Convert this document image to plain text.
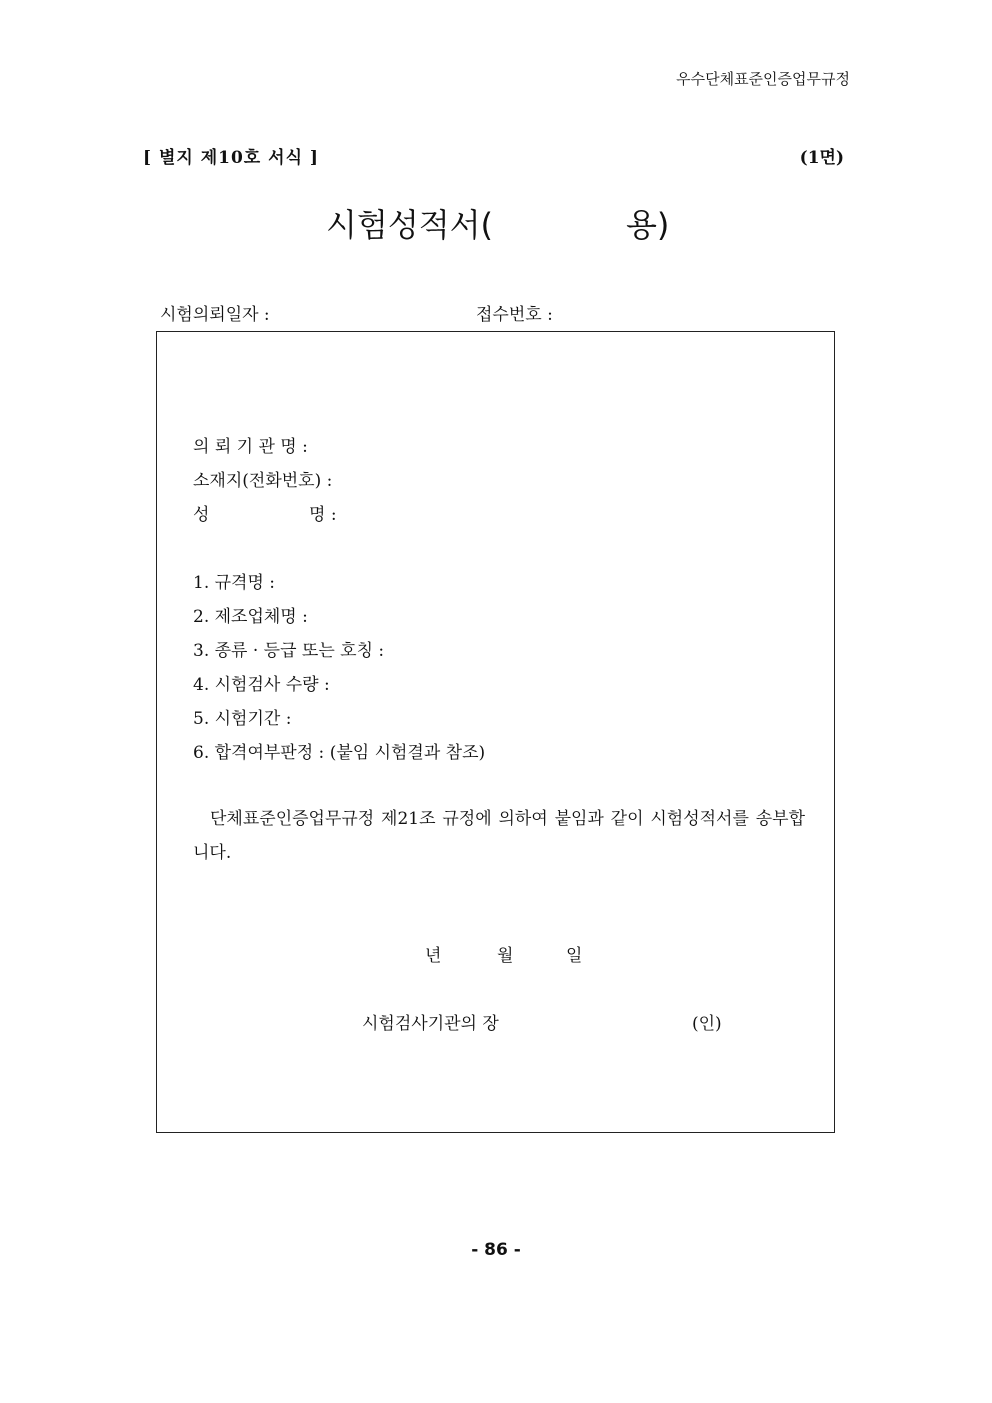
우수단체표준인증업무규정
[ 별지 제10호 서식 ]	(1면)
시험성적서(	용)
시험의뢰일자 :	접수번호 :
의 뢰 기 관 명 :
소재지(전화번호) :
성	명 :
1. 규격명 :
2. 제조업체명 :
3. 종류 · 등급 또는 호칭 :
4. 시험검사 수량 :
5. 시험기간 :
6. 합격여부판정 : (붙임 시험결과 참조)
단체표준인증업무규정 제21조 규정에 의하여 붙임과 같이 시험성적서를 송부합니다.
년	월	일
시험검사기관의 장	(인)
- 86 -
